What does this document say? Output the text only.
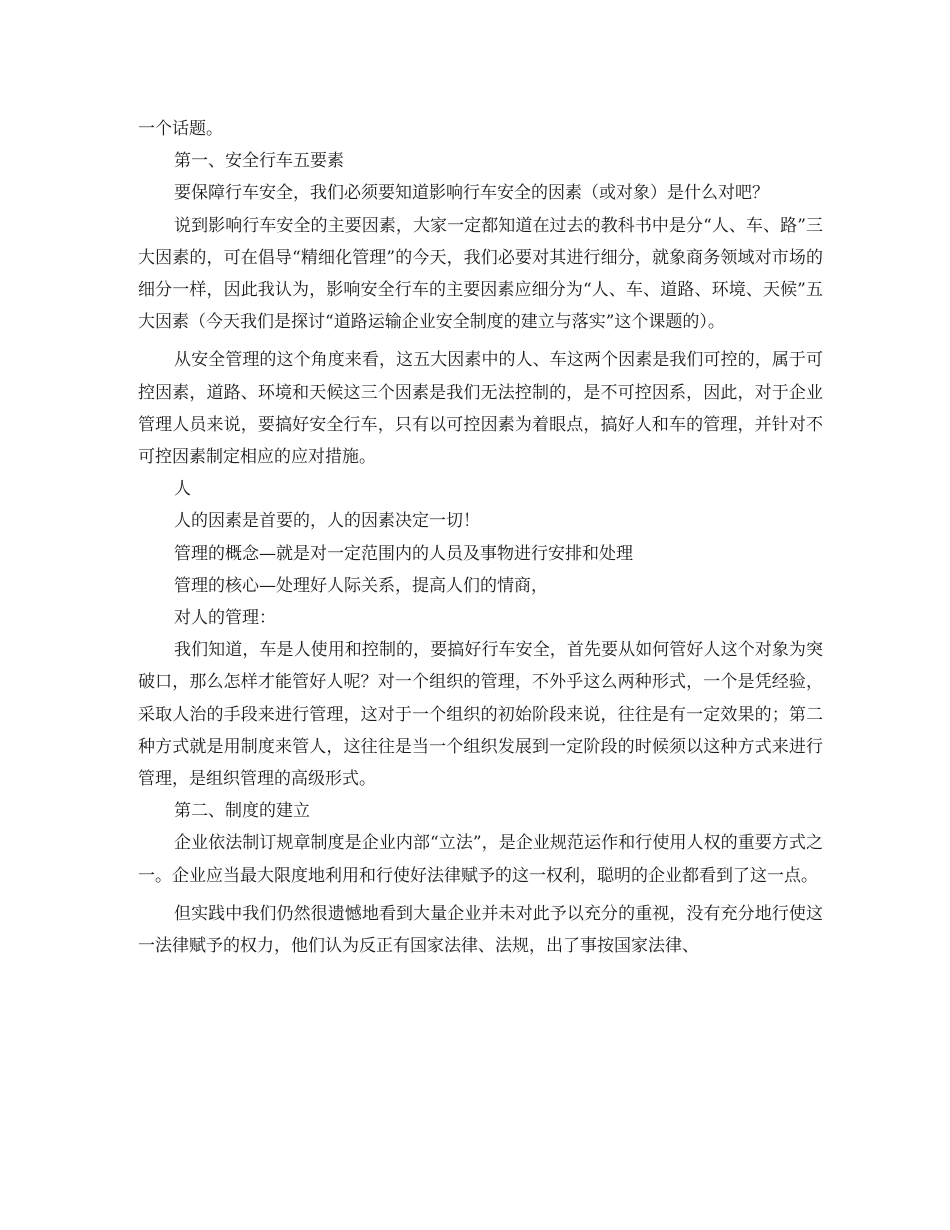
一个话题。

第一、安全行车五要素

要保障行车安全，我们必须要知道影响行车安全的因素（或对象）是什么对吧？

说到影响行车安全的主要因素，大家一定都知道在过去的教科书中是分“人、车、路”三大因素的，可在倡导“精细化管理”的今天，我们必要对其进行细分，就象商务领域对市场的细分一样，因此我认为，影响安全行车的主要因素应细分为“人、车、道路、环境、天候”五大因素（今天我们是探讨“道路运输企业安全制度的建立与落实”这个课题的）。

从安全管理的这个角度来看，这五大因素中的人、车这两个因素是我们可控的，属于可控因素，道路、环境和天候这三个因素是我们无法控制的，是不可控因系，因此，对于企业管理人员来说，要搞好安全行车，只有以可控因素为着眼点，搞好人和车的管理，并针对不可控因素制定相应的应对措施。

人

人的因素是首要的，人的因素决定一切！

管理的概念—就是对一定范围内的人员及事物进行安排和处理

管理的核心—处理好人际关系，提高人们的情商，

对人的管理：

我们知道，车是人使用和控制的，要搞好行车安全，首先要从如何管好人这个对象为突破口，那么怎样才能管好人呢？对一个组织的管理，不外乎这么两种形式，一个是凭经验，采取人治的手段来进行管理，这对于一个组织的初始阶段来说，往往是有一定效果的；第二种方式就是用制度来管人，这往往是当一个组织发展到一定阶段的时候须以这种方式来进行管理，是组织管理的高级形式。

第二、制度的建立

企业依法制订规章制度是企业内部“立法”，是企业规范运作和行使用人权的重要方式之一。企业应当最大限度地利用和行使好法律赋予的这一权利，聪明的企业都看到了这一点。

但实践中我们仍然很遗憾地看到大量企业并未对此予以充分的重视，没有充分地行使这一法律赋予的权力，他们认为反正有国家法律、法规，出了事按国家法律、
